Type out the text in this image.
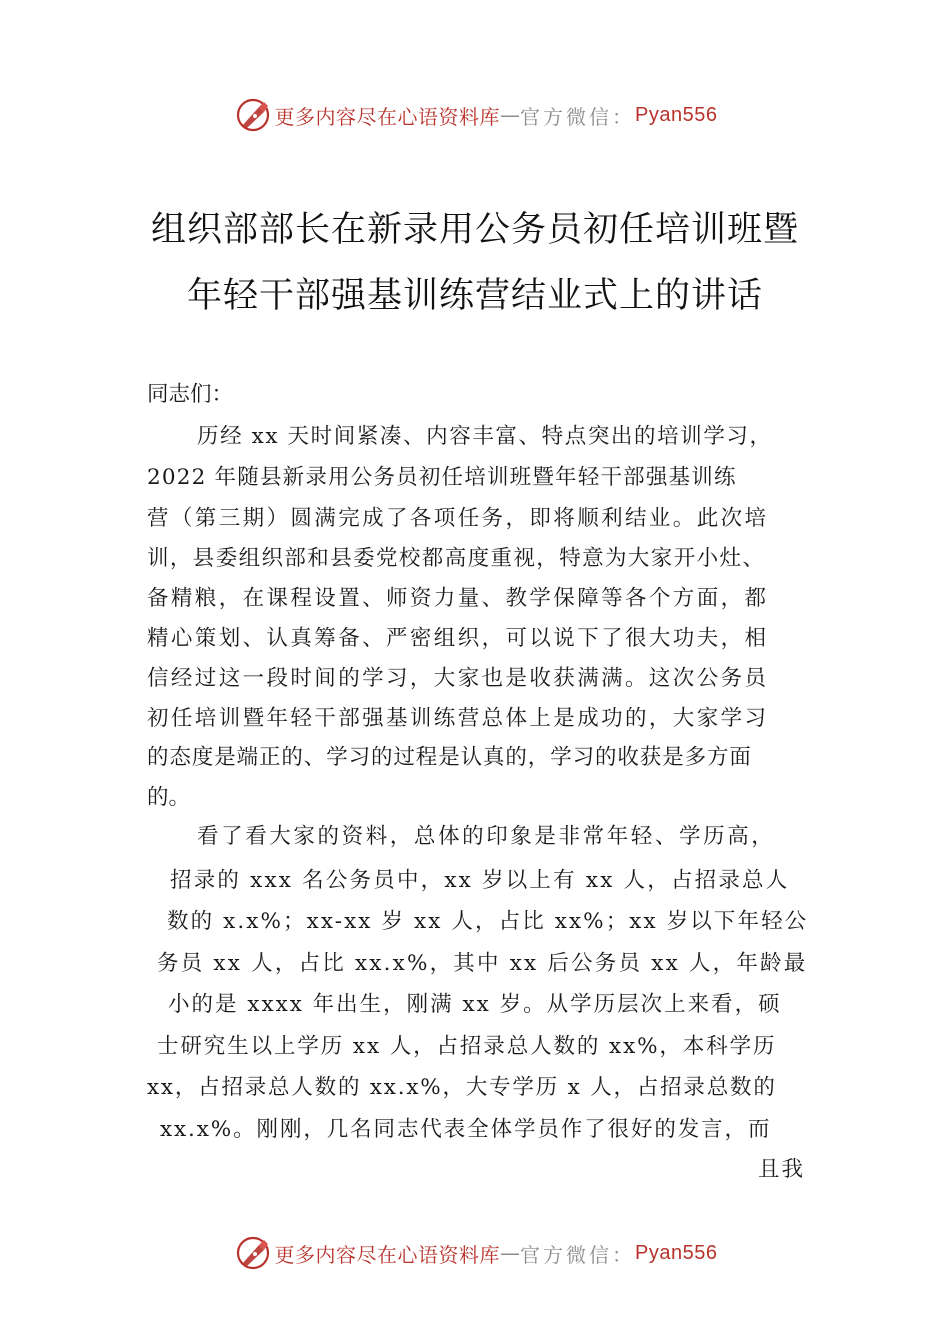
更多内容尽在心语资料库 — 官方微信： Pyan556
组织部部长在新录用公务员初任培训班暨
年轻干部强基训练营结业式上的讲话
同志们：
历经 xx 天时间紧凑、内容丰富、特点突出的培训学习，
2022 年随县新录用公务员初任培训班暨年轻干部强基训练
营（第三期）圆满完成了各项任务，即将顺利结业。此次培
训，县委组织部和县委党校都高度重视，特意为大家开小灶、
备精粮，在课程设置、师资力量、教学保障等各个方面，都
精心策划、认真筹备、严密组织，可以说下了很大功夫，相
信经过这一段时间的学习，大家也是收获满满。这次公务员
初任培训暨年轻干部强基训练营总体上是成功的，大家学习
的态度是端正的、学习的过程是认真的，学习的收获是多方面
的。
看了看大家的资料，总体的印象是非常年轻、学历高，
招录的 xxx 名公务员中，xx 岁以上有 xx 人，占招录总人
数的 x.x%；xx-xx 岁 xx 人，占比 xx%；xx 岁以下年轻公
务员 xx 人，占比 xx.x%，其中 xx 后公务员 xx 人，年龄最
小的是 xxxx 年出生，刚满 xx 岁。从学历层次上来看，硕
士研究生以上学历 xx 人，占招录总人数的 xx%，本科学历
xx，占招录总人数的 xx.x%，大专学历 x 人，占招录总数的
xx.x%。刚刚，几名同志代表全体学员作了很好的发言，而
且我
更多内容尽在心语资料库 — 官方微信： Pyan556
